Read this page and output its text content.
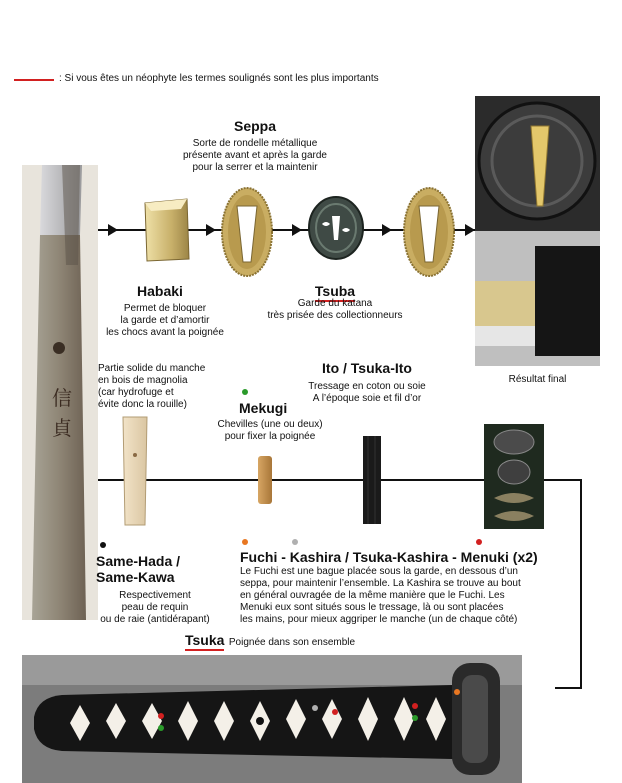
: Si vous êtes un néophyte les termes soulignés sont les plus importants
信
貞
Seppa
Sorte de rondelle métallique
présente avant et après la garde
pour la serrer et la maintenir
Résultat final
Habaki
Permet de bloquer
la garde et d’amortir
les chocs avant la poignée
Tsuba
Garde du katana
très prisée des collectionneurs
Partie solide du manche
en bois de magnolia
(car hydrofuge et
évite donc la rouille)	Mekugi
Chevilles (une ou deux)
pour fixer la poignée
Ito / Tsuka-Ito
Tressage en coton ou soie
A l’époque soie et fil d’or
Same-Hada /
Same-Kawa
Respectivement
peau de requin
ou de raie (antidérapant)
Fuchi - Kashira / Tsuka-Kashira - Menuki (x2)
Le Fuchi est une bague placée sous la garde, en dessous d’un
seppa, pour maintenir l’ensemble. La Kashira se trouve au bout
en général ouvragée de la même manière que le Fuchi. Les
Menuki eux sont situés sous le tressage, là ou sont placées
les mains, pour mieux aggriper le manche (un de chaque côté)
Tsuka Poignée dans son ensemble
